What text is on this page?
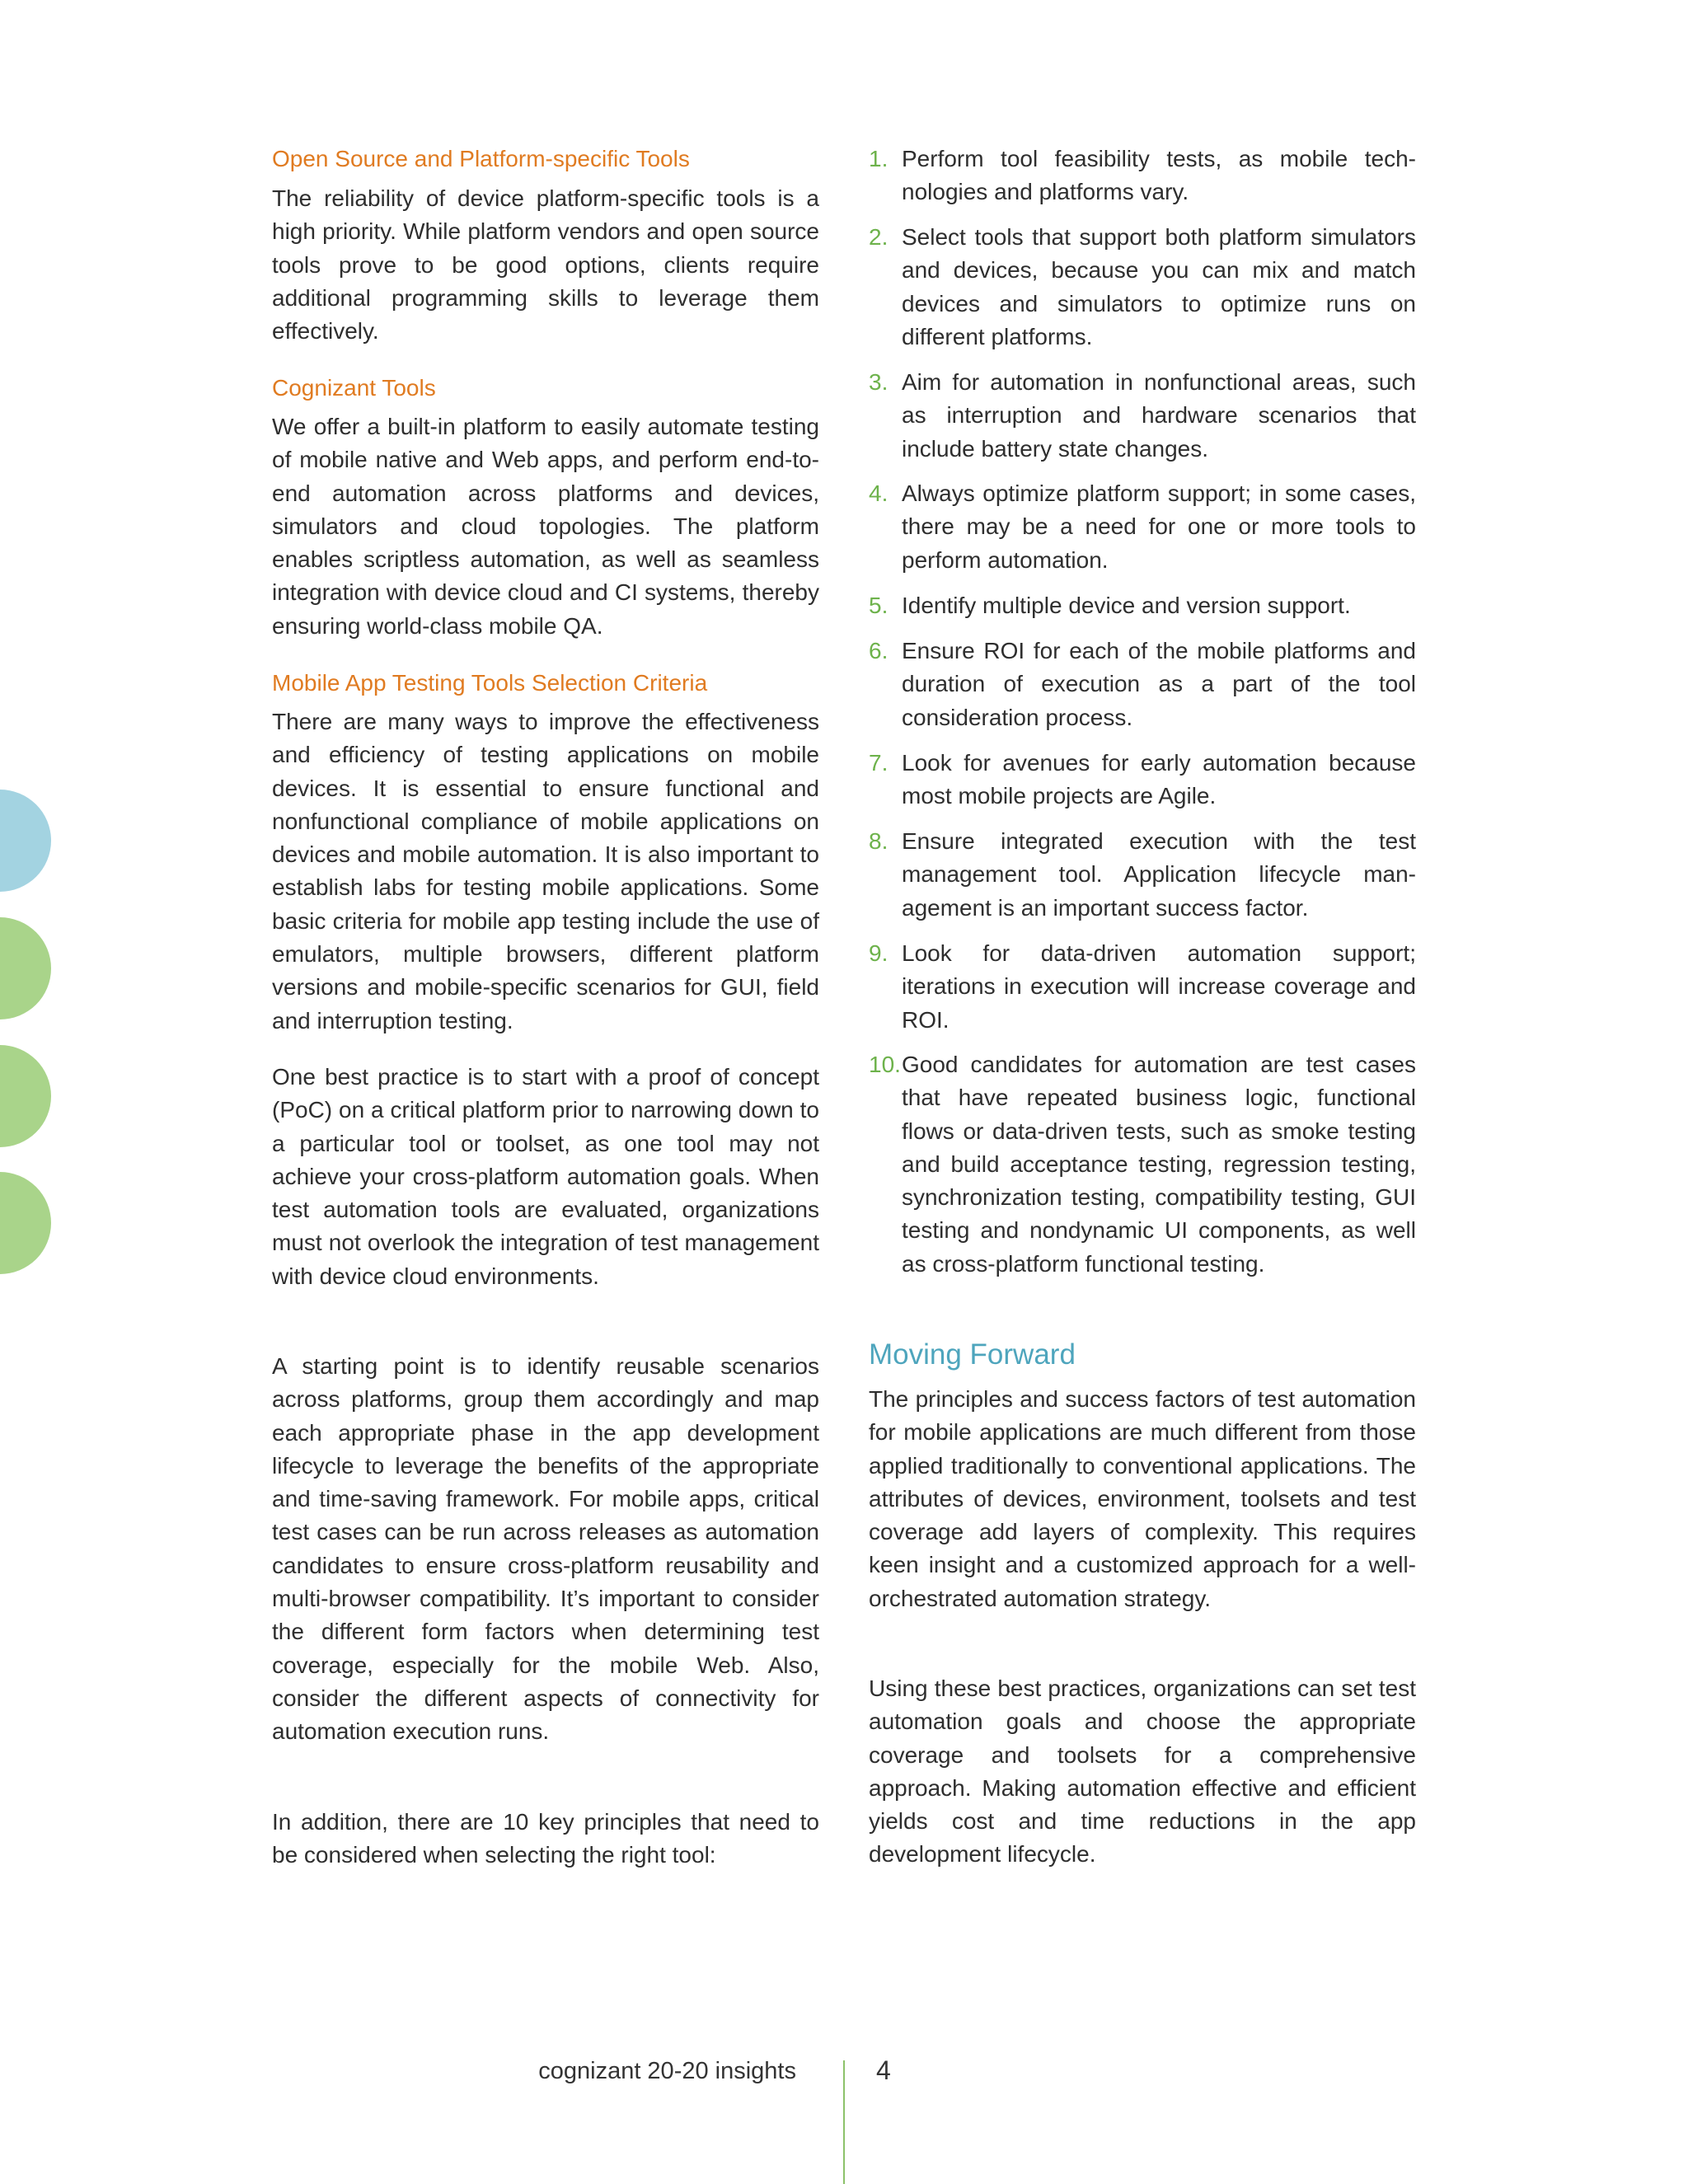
Open Source and Platform-specific Tools

The reliability of device platform-specific tools is a high priority. While platform vendors and open source tools prove to be good options, clients require additional programming skills to leverage them effectively.

Cognizant Tools

We offer a built-in platform to easily automate testing of mobile native and Web apps, and perform end-to-end automation across platforms and devices, simulators and cloud topologies. The platform enables scriptless automation, as well as seamless integration with device cloud and CI systems, thereby ensuring world-class mobile QA.

Mobile App Testing Tools Selection Criteria

There are many ways to improve the effectiveness and efficiency of testing applications on mobile devices. It is essential to ensure functional and nonfunctional compliance of mobile applications on devices and mobile automation. It is also important to establish labs for testing mobile applications. Some basic criteria for mobile app testing include the use of emulators, multiple browsers, different platform versions and mobile-specific scenarios for GUI, field and interruption testing.

One best practice is to start with a proof of concept (PoC) on a critical platform prior to narrowing down to a particular tool or toolset, as one tool may not achieve your cross-platform automation goals. When test automation tools are evaluated, organizations must not overlook the integration of test management with device cloud environments.

A starting point is to identify reusable scenarios across platforms, group them accordingly and map each appropriate phase in the app development lifecycle to leverage the benefits of the appropriate and time-saving framework. For mobile apps, critical test cases can be run across releases as automation candidates to ensure cross-platform reusability and multi-browser compatibility. It’s important to consider the different form factors when determining test coverage, especially for the mobile Web. Also, consider the different aspects of connectivity for automation execution runs.

In addition, there are 10 key principles that need to be considered when selecting the right tool:

1. Perform tool feasibility tests, as mobile technologies and platforms vary.
2. Select tools that support both platform simulators and devices, because you can mix and match devices and simulators to optimize runs on different platforms.
3. Aim for automation in nonfunctional areas, such as interruption and hardware scenarios that include battery state changes.
4. Always optimize platform support; in some cases, there may be a need for one or more tools to perform automation.
5. Identify multiple device and version support.
6. Ensure ROI for each of the mobile platforms and duration of execution as a part of the tool consideration process.
7. Look for avenues for early automation because most mobile projects are Agile.
8. Ensure integrated execution with the test management tool. Application lifecycle management is an important success factor.
9. Look for data-driven automation support; iterations in execution will increase coverage and ROI.
10. Good candidates for automation are test cases that have repeated business logic, functional flows or data-driven tests, such as smoke testing and build acceptance testing, regression testing, synchronization testing, compatibility testing, GUI testing and nondynamic UI components, as well as cross-platform functional testing.
Moving Forward

The principles and success factors of test automation for mobile applications are much different from those applied traditionally to conventional applications. The attributes of devices, environment, toolsets and test coverage add layers of complexity. This requires keen insight and a customized approach for a well-orchestrated automation strategy.

Using these best practices, organizations can set test automation goals and choose the appropriate coverage and toolsets for a comprehensive approach. Making automation effective and efficient yields cost and time reductions in the app development lifecycle.

cognizant 20-20 insights	4
